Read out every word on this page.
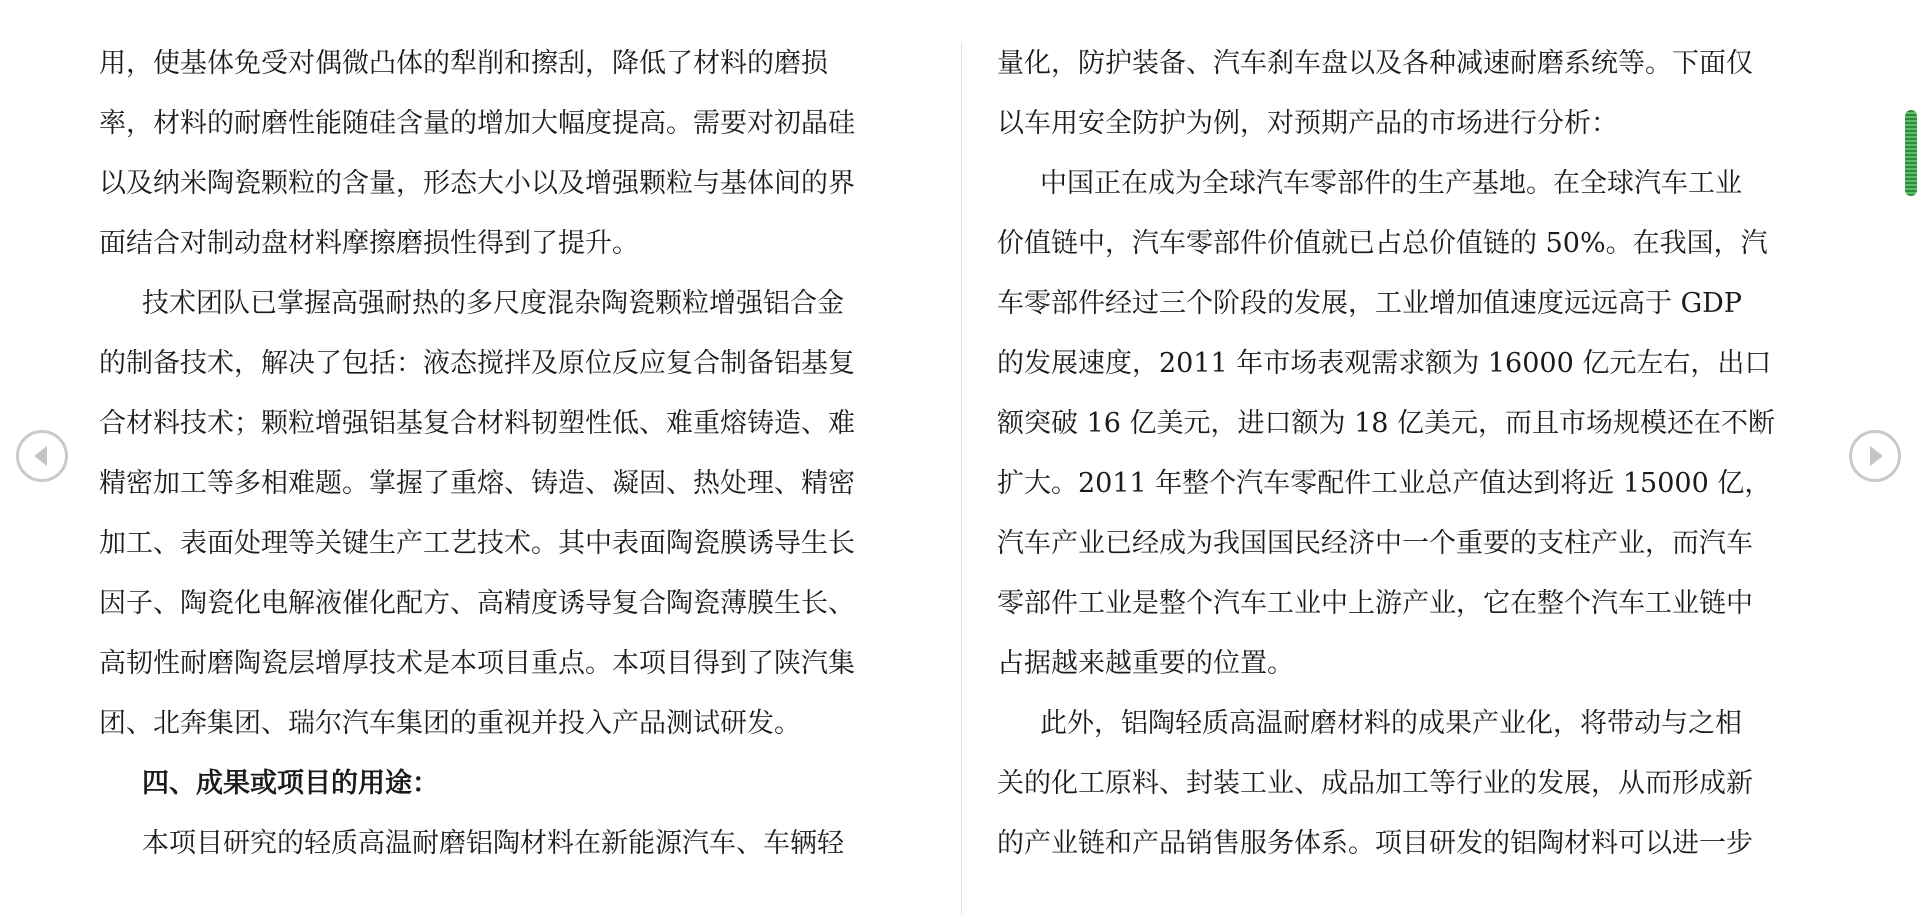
用，使基体免受对偶微凸体的犁削和擦刮，降低了材料的磨损
率，材料的耐磨性能随硅含量的增加大幅度提高。需要对初晶硅
以及纳米陶瓷颗粒的含量，形态大小以及增强颗粒与基体间的界
面结合对制动盘材料摩擦磨损性得到了提升。
技术团队已掌握高强耐热的多尺度混杂陶瓷颗粒增强铝合金
的制备技术，解决了包括：液态搅拌及原位反应复合制备铝基复
合材料技术；颗粒增强铝基复合材料韧塑性低、难重熔铸造、难
精密加工等多相难题。掌握了重熔、铸造、凝固、热处理、精密
加工、表面处理等关键生产工艺技术。其中表面陶瓷膜诱导生长
因子、陶瓷化电解液催化配方、高精度诱导复合陶瓷薄膜生长、
高韧性耐磨陶瓷层增厚技术是本项目重点。本项目得到了陕汽集
团、北奔集团、瑞尔汽车集团的重视并投入产品测试研发。
四、成果或项目的用途：
本项目研究的轻质高温耐磨铝陶材料在新能源汽车、车辆轻
量化，防护装备、汽车刹车盘以及各种减速耐磨系统等。下面仅
以车用安全防护为例，对预期产品的市场进行分析：
中国正在成为全球汽车零部件的生产基地。在全球汽车工业
价值链中，汽车零部件价值就已占总价值链的 50%。在我国，汽
车零部件经过三个阶段的发展，工业增加值速度远远高于 GDP
的发展速度，2011 年市场表观需求额为 16000 亿元左右，出口
额突破 16 亿美元，进口额为 18 亿美元，而且市场规模还在不断
扩大。2011 年整个汽车零配件工业总产值达到将近 15000 亿，
汽车产业已经成为我国国民经济中一个重要的支柱产业，而汽车
零部件工业是整个汽车工业中上游产业，它在整个汽车工业链中
占据越来越重要的位置。
此外，铝陶轻质高温耐磨材料的成果产业化，将带动与之相
关的化工原料、封装工业、成品加工等行业的发展，从而形成新
的产业链和产品销售服务体系。项目研发的铝陶材料可以进一步
